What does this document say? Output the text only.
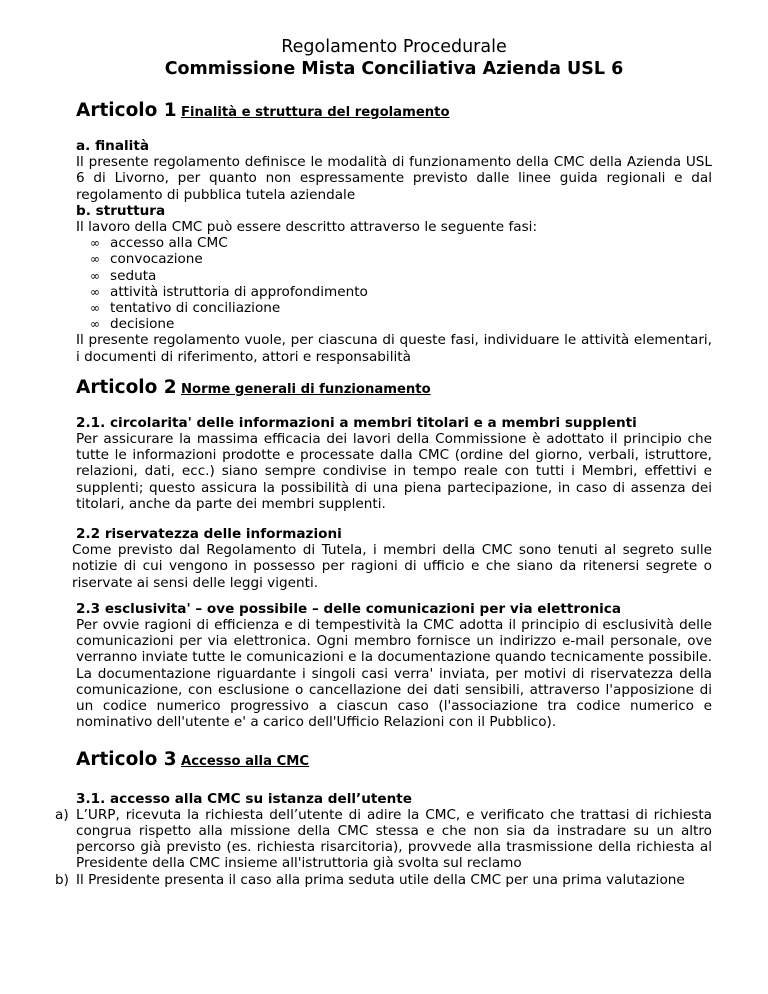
Regolamento Procedurale

Commissione Mista Conciliativa Azienda USL 6

Articolo 1 Finalità e struttura del regolamento

a. finalità

Il presente regolamento definisce le modalità di funzionamento della CMC della Azienda USL 6 di Livorno, per quanto non espressamente previsto dalle linee guida regionali e dal regolamento di pubblica tutela aziendale

b. struttura

Il lavoro della CMC può essere descritto attraverso le seguente fasi:

∞ accesso alla CMC
∞ convocazione
∞ seduta
∞ attività istruttoria di approfondimento
∞ tentativo di conciliazione
∞ decisione

Il presente regolamento vuole, per ciascuna di queste fasi, individuare le attività elementari, i documenti di riferimento, attori e responsabilità

Articolo 2 Norme generali di funzionamento

2.1. circolarita' delle informazioni a membri titolari e a membri supplenti

Per assicurare la massima efficacia dei lavori della Commissione è adottato il principio che tutte le informazioni prodotte e processate dalla CMC (ordine del giorno, verbali, istruttore, relazioni, dati, ecc.) siano sempre condivise in tempo reale con tutti i Membri, effettivi e supplenti; questo assicura la possibilità di una piena partecipazione, in caso di assenza dei titolari, anche da parte dei membri supplenti.

2.2 riservatezza delle informazioni

Come previsto dal Regolamento di Tutela, i membri della CMC sono tenuti al segreto sulle notizie di cui vengono in possesso per ragioni di ufficio e che siano da ritenersi segrete o riservate ai sensi delle leggi vigenti.

2.3 esclusivita' – ove possibile – delle comunicazioni per via elettronica

Per ovvie ragioni di efficienza e di tempestività la CMC adotta il principio di esclusività delle comunicazioni per via elettronica. Ogni membro fornisce un indirizzo e-mail personale, ove verranno inviate tutte le comunicazioni e la documentazione quando tecnicamente possibile. La documentazione riguardante i singoli casi verra' inviata, per motivi di riservatezza della comunicazione, con esclusione o cancellazione dei dati sensibili, attraverso l'apposizione di un codice numerico progressivo a ciascun caso (l'associazione tra codice numerico e nominativo dell'utente e' a carico dell'Ufficio Relazioni con il Pubblico).

Articolo 3 Accesso alla CMC

3.1. accesso alla CMC su istanza dell’utente

a) L’URP, ricevuta la richiesta dell’utente di adire la CMC, e verificato che trattasi di richiesta congrua rispetto alla missione della CMC stessa e che non sia da instradare su un altro percorso già previsto (es. richiesta risarcitoria), provvede alla trasmissione della richiesta al Presidente della CMC insieme all'istruttoria già svolta sul reclamo
b) Il Presidente presenta il caso alla prima seduta utile della CMC per una prima valutazione
